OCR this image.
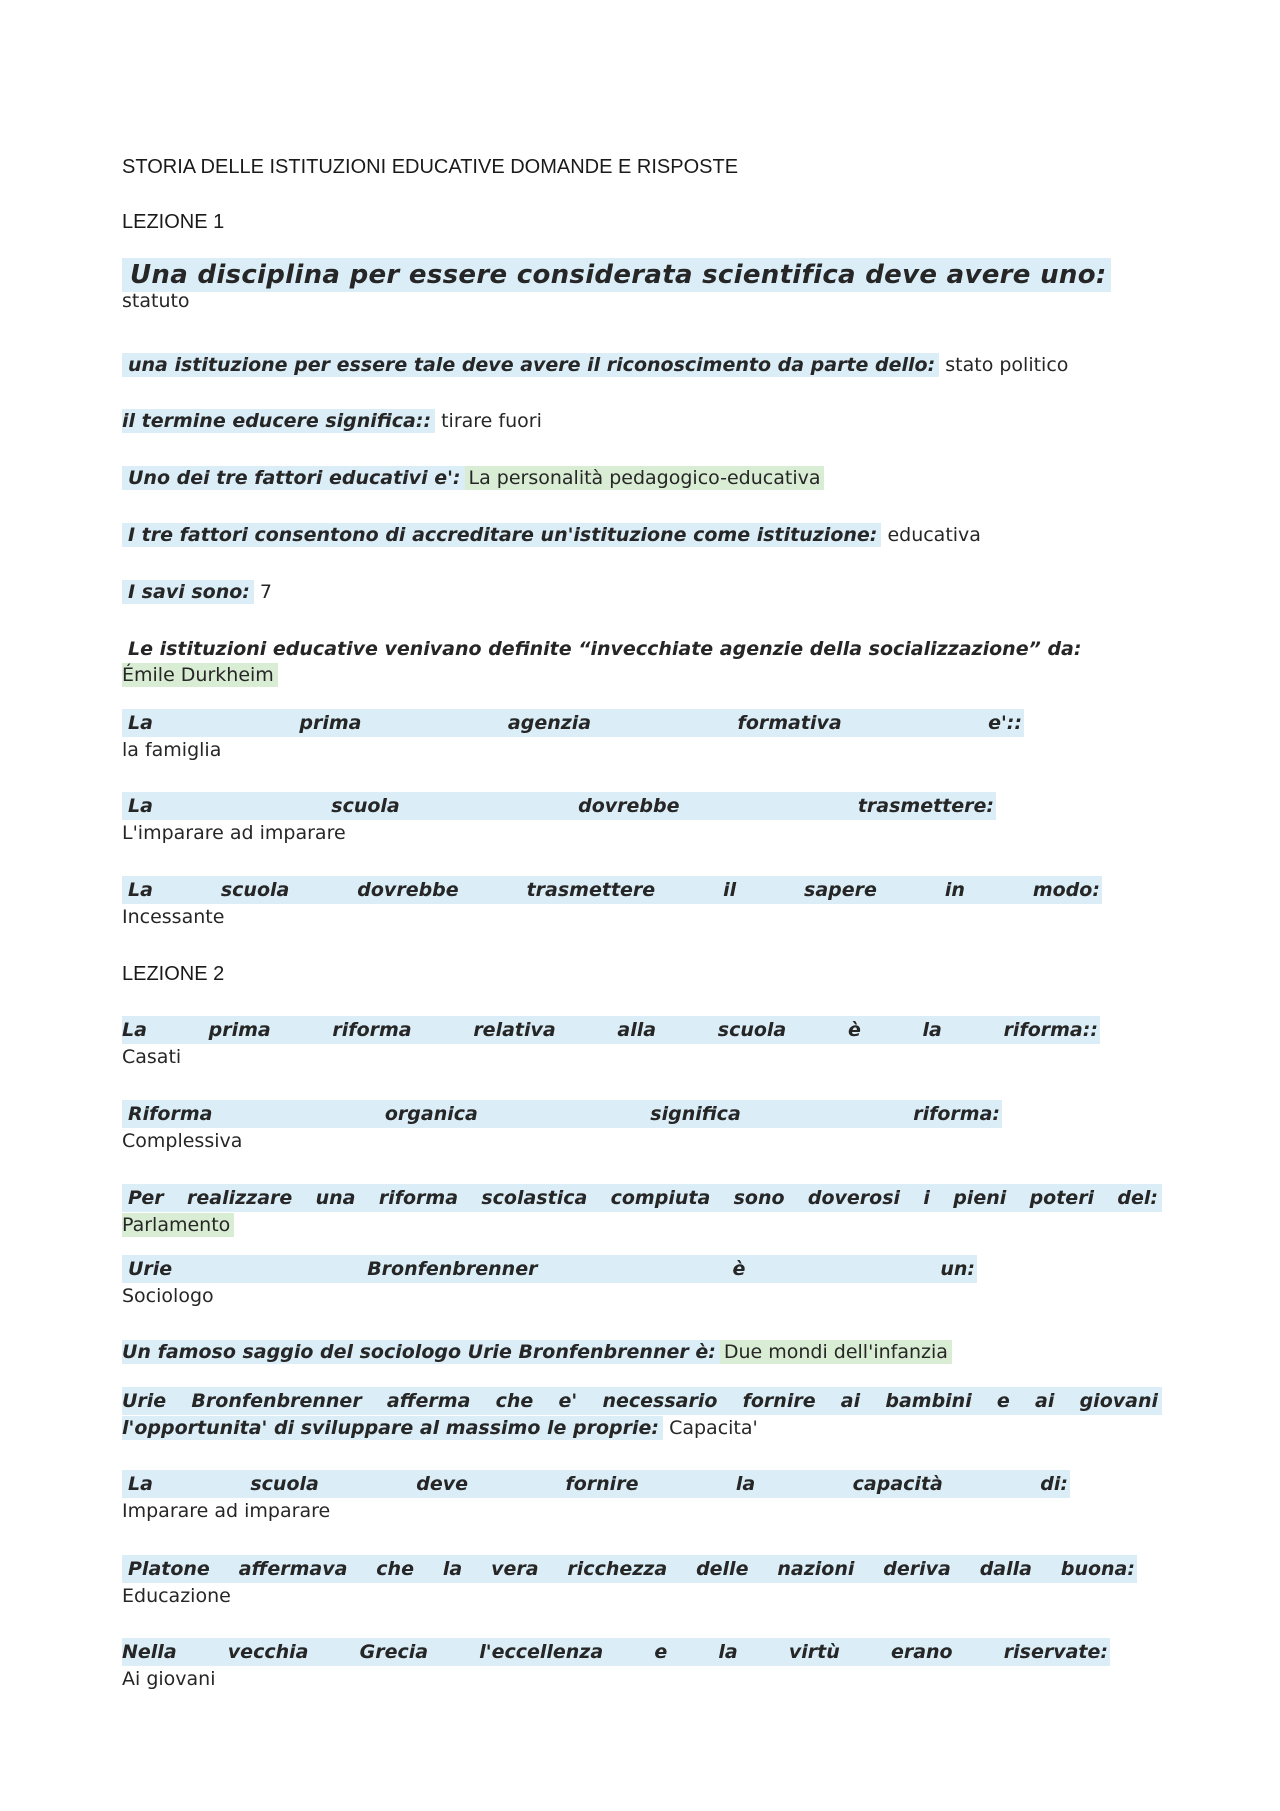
STORIA DELLE ISTITUZIONI EDUCATIVE DOMANDE E RISPOSTE
LEZIONE 1
Una disciplina per essere considerata scientifica deve avere uno:
statuto
una istituzione per essere tale deve avere il riconoscimento da parte dello: stato politico
il termine educere significa:: tirare fuori
Uno dei tre fattori educativi e': La personalità pedagogico-educativa
I tre fattori consentono di accreditare un'istituzione come istituzione: educativa
I savi sono: 7
Le istituzioni educative venivano definite “invecchiate agenzie della socializzazione” da:
Émile Durkheim
La	prima	agenzia	formativa	e'::
la famiglia
La	scuola	dovrebbe	trasmettere:
L'imparare ad imparare
La	scuola	dovrebbe	trasmettere	il	sapere	in	modo:
Incessante
LEZIONE 2
La	prima	riforma	relativa	alla	scuola	è	la	riforma::
Casati
Riforma	organica	significa	riforma:
Complessiva
Per realizzare una riforma scolastica compiuta sono doverosi i pieni poteri del:
Parlamento
Urie	Bronfenbrenner	è	un:
Sociologo
Un famoso saggio del sociologo Urie Bronfenbrenner è: Due mondi dell'infanzia
Urie Bronfenbrenner afferma che e' necessario fornire ai bambini e ai giovani
l'opportunita' di sviluppare al massimo le proprie: Capacita'
La	scuola	deve	fornire	la	capacità	di:
Imparare ad imparare
Platone affermava che la vera ricchezza delle nazioni deriva dalla buona:
Educazione
Nella	vecchia	Grecia	l'eccellenza	e	la	virtù	erano	riservate:
Ai giovani
